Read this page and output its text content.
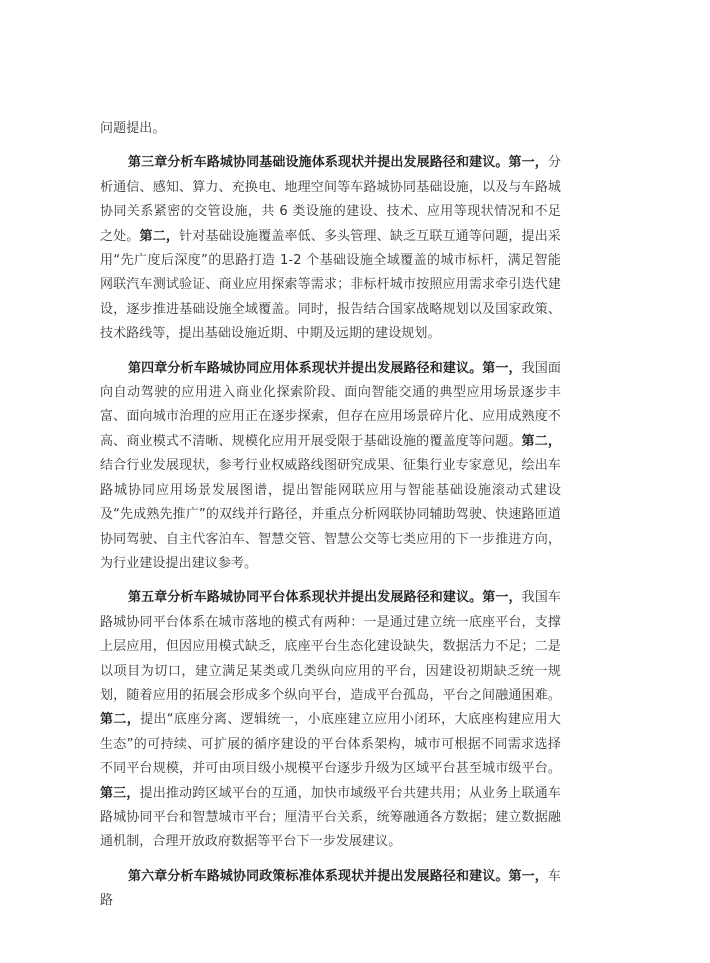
问题提出。

第三章分析车路城协同基础设施体系现状并提出发展路径和建议。第一，分析通信、感知、算力、充换电、地理空间等车路城协同基础设施，以及与车路城协同关系紧密的交管设施，共 6 类设施的建设、技术、应用等现状情况和不足之处。第二，针对基础设施覆盖率低、多头管理、缺乏互联互通等问题，提出采用“先广度后深度”的思路打造 1-2 个基础设施全域覆盖的城市标杆，满足智能网联汽车测试验证、商业应用探索等需求；非标杆城市按照应用需求牵引迭代建设，逐步推进基础设施全域覆盖。同时，报告结合国家战略规划以及国家政策、技术路线等，提出基础设施近期、中期及远期的建设规划。

第四章分析车路城协同应用体系现状并提出发展路径和建议。第一，我国面向自动驾驶的应用进入商业化探索阶段、面向智能交通的典型应用场景逐步丰富、面向城市治理的应用正在逐步探索，但存在应用场景碎片化、应用成熟度不高、商业模式不清晰、规模化应用开展受限于基础设施的覆盖度等问题。第二，结合行业发展现状，参考行业权威路线图研究成果、征集行业专家意见，绘出车路城协同应用场景发展图谱，提出智能网联应用与智能基础设施滚动式建设及“先成熟先推广”的双线并行路径，并重点分析网联协同辅助驾驶、快速路匝道协同驾驶、自主代客泊车、智慧交管、智慧公交等七类应用的下一步推进方向，为行业建设提出建议参考。

第五章分析车路城协同平台体系现状并提出发展路径和建议。第一，我国车路城协同平台体系在城市落地的模式有两种：一是通过建立统一底座平台，支撑上层应用，但因应用模式缺乏，底座平台生态化建设缺失，数据活力不足；二是以项目为切口，建立满足某类或几类纵向应用的平台，因建设初期缺乏统一规划，随着应用的拓展会形成多个纵向平台，造成平台孤岛，平台之间融通困难。第二，提出“底座分离、逻辑统一，小底座建立应用小闭环，大底座构建应用大生态”的可持续、可扩展的循序建设的平台体系架构，城市可根据不同需求选择不同平台规模，并可由项目级小规模平台逐步升级为区域平台甚至城市级平台。第三，提出推动跨区域平台的互通，加快市域级平台共建共用；从业务上联通车路城协同平台和智慧城市平台；厘清平台关系，统筹融通各方数据；建立数据融通机制，合理开放政府数据等平台下一步发展建议。

第六章分析车路城协同政策标准体系现状并提出发展路径和建议。第一，车路
